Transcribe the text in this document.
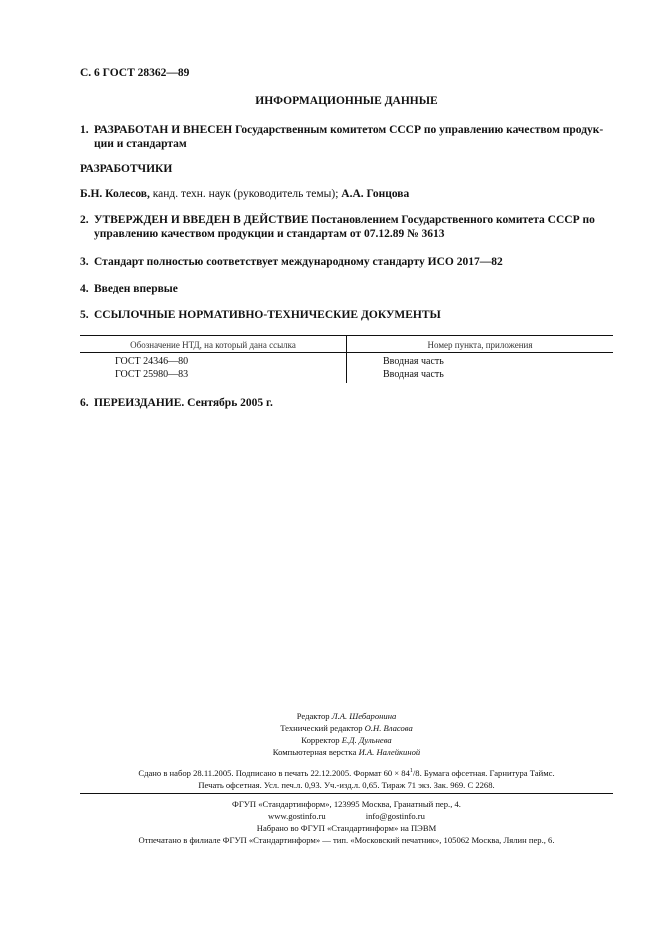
С. 6 ГОСТ 28362—89
ИНФОРМАЦИОННЫЕ ДАННЫЕ
1. РАЗРАБОТАН И ВНЕСЕН Государственным комитетом СССР по управлению качеством продук-
ции и стандартам
РАЗРАБОТЧИКИ
Б.Н. Колесов, канд. техн. наук (руководитель темы); А.А. Гонцова
2. УТВЕРЖДЕН И ВВЕДЕН В ДЕЙСТВИЕ Постановлением Государственного комитета СССР по
управлению качеством продукции и стандартам от 07.12.89 № 3613
3. Стандарт полностью соответствует международному стандарту ИСО 2017—82
4. Введен впервые
5. ССЫЛОЧНЫЕ НОРМАТИВНО-ТЕХНИЧЕСКИЕ ДОКУМЕНТЫ
Обозначение НТД, на который дана ссылка	Номер пункта, приложения
ГОСТ 24346—80	Вводная часть
ГОСТ 25980—83	Вводная часть
6. ПЕРЕИЗДАНИЕ. Сентябрь 2005 г.
Редактор Л.А. Шебаронина
Технический редактор О.Н. Власова
Корректор Е.Д. Дульнева
Компьютерная верстка И.А. Налейкиной
Сдано в набор 28.11.2005. Подписано в печать 22.12.2005. Формат $60 \times 84^1/8$. Бумага офсетная. Гарнитура Таймс.
Печать офсетная. Усл. печ.л. 0,93. Уч.-изд.л. 0,65. Тираж 71 экз. Зак. 969. С 2268.
ФГУП «Стандартинформ», 123995 Москва, Гранатный пер., 4.
www.gostinfo.ru	info@gostinfo.ru
Набрано во ФГУП «Стандартинформ» на ПЭВМ
Отпечатано в филиале ФГУП «Стандартинформ» — тип. «Московский печатник», 105062 Москва, Лялин пер., 6.
